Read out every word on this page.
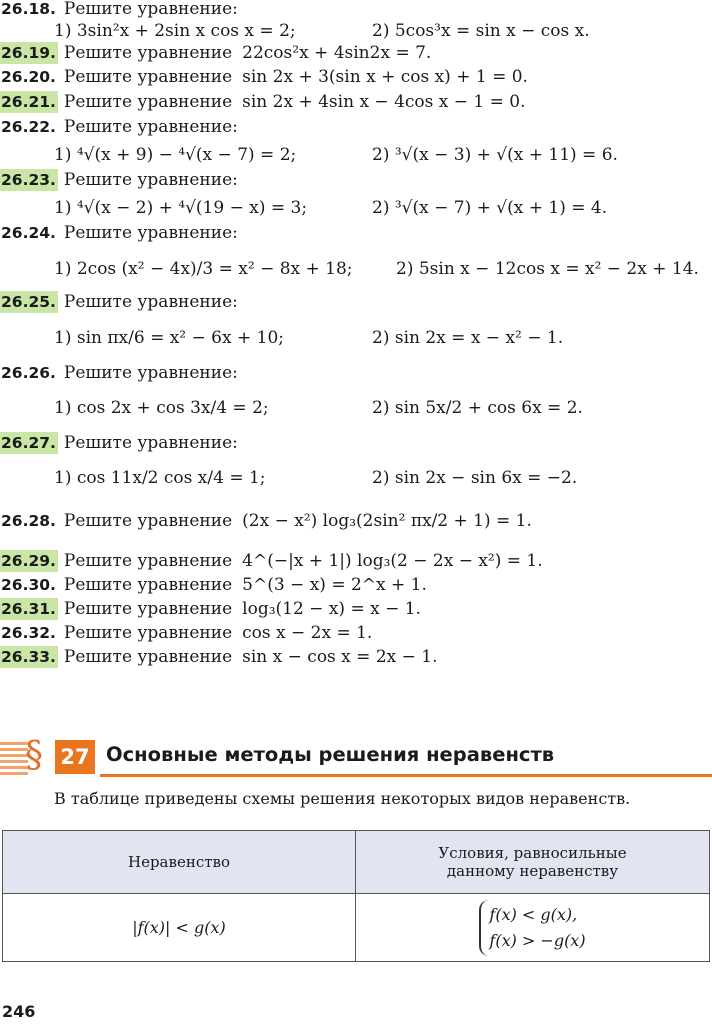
26.18. Решите уравнение:
1) 3sin²x + 2sin x cos x = 2;	2) 5cos³x = sin x − cos x.
26.19. Решите уравнение 22cos²x + 4sin2x = 7.
26.20. Решите уравнение sin 2x + 3(sin x + cos x) + 1 = 0.
26.21. Решите уравнение sin 2x + 4sin x − 4cos x − 1 = 0.
26.22. Решите уравнение:
1) ⁴√(x + 9) − ⁴√(x − 7) = 2;	2) ³√(x − 3) + √(x + 11) = 6.
26.23. Решите уравнение:
1) ⁴√(x − 2) + ⁴√(19 − x) = 3;	2) ³√(x − 7) + √(x + 1) = 4.
26.24. Решите уравнение:
1) 2cos (x² − 4x)/3 = x² − 8x + 18;	2) 5sin x − 12cos x = x² − 2x + 14.
26.25. Решите уравнение:
1) sin πx/6 = x² − 6x + 10;	2) sin 2x = x − x² − 1.
26.26. Решите уравнение:
1) cos 2x + cos 3x/4 = 2;	2) sin 5x/2 + cos 6x = 2.
26.27. Решите уравнение:
1) cos 11x/2 cos x/4 = 1;	2) sin 2x − sin 6x = −2.
26.28. Решите уравнение (2x − x²) log₃(2sin² πx/2 + 1) = 1.
26.29. Решите уравнение 4^(−|x + 1|) log₃(2 − 2x − x²) = 1.
26.30. Решите уравнение 5^(3 − x) = 2^x + 1.
26.31. Решите уравнение log₃(12 − x) = x − 1.
26.32. Решите уравнение cos x − 2x = 1.
26.33. Решите уравнение sin x − cos x = 2x − 1.
§ 27 Основные методы решения неравенств
В таблице приведены схемы решения некоторых видов неравенств.
Неравенство	Условия, равносильные
данному неравенству

|f(x)| < g(x)	f(x) < g(x),
f(x) > −g(x)
246
